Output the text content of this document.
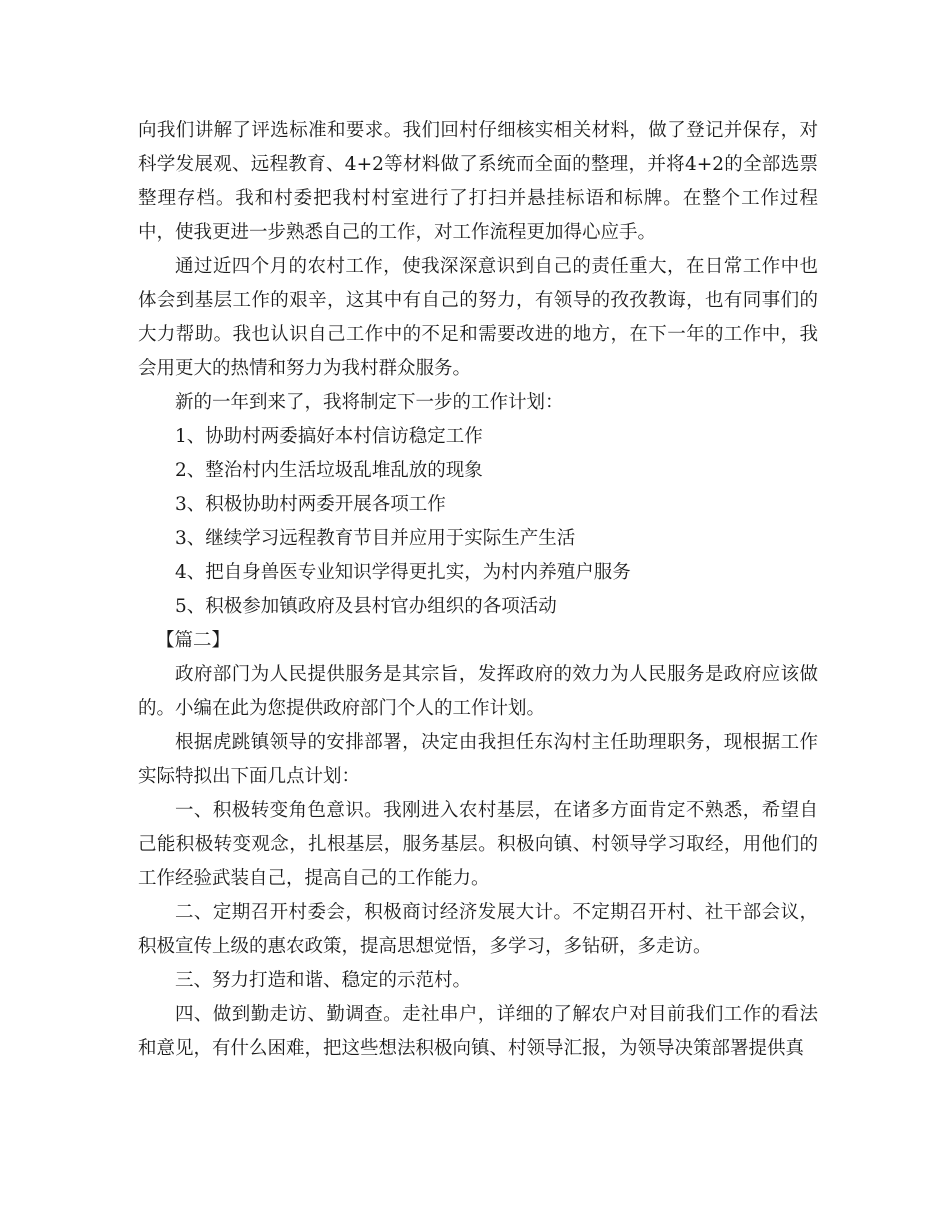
向我们讲解了评选标准和要求。我们回村仔细核实相关材料，做了登记并保存，对科学发展观、远程教育、4+2等材料做了系统而全面的整理，并将4+2的全部选票整理存档。我和村委把我村村室进行了打扫并悬挂标语和标牌。在整个工作过程中，使我更进一步熟悉自己的工作，对工作流程更加得心应手。

通过近四个月的农村工作，使我深深意识到自己的责任重大，在日常工作中也体会到基层工作的艰辛，这其中有自己的努力，有领导的孜孜教诲，也有同事们的大力帮助。我也认识自己工作中的不足和需要改进的地方，在下一年的工作中，我会用更大的热情和努力为我村群众服务。

新的一年到来了，我将制定下一步的工作计划：

1、协助村两委搞好本村信访稳定工作

2、整治村内生活垃圾乱堆乱放的现象

3、积极协助村两委开展各项工作

3、继续学习远程教育节目并应用于实际生产生活

4、把自身兽医专业知识学得更扎实，为村内养殖户服务

5、积极参加镇政府及县村官办组织的各项活动

【篇二】

政府部门为人民提供服务是其宗旨，发挥政府的效力为人民服务是政府应该做的。小编在此为您提供政府部门个人的工作计划。

根据虎跳镇领导的安排部署，决定由我担任东沟村主任助理职务，现根据工作实际特拟出下面几点计划：

一、积极转变角色意识。我刚进入农村基层，在诸多方面肯定不熟悉，希望自己能积极转变观念，扎根基层，服务基层。积极向镇、村领导学习取经，用他们的工作经验武装自己，提高自己的工作能力。

二、定期召开村委会，积极商讨经济发展大计。不定期召开村、社干部会议，积极宣传上级的惠农政策，提高思想觉悟，多学习，多钻研，多走访。

三、努力打造和谐、稳定的示范村。

四、做到勤走访、勤调查。走社串户，详细的了解农户对目前我们工作的看法和意见，有什么困难，把这些想法积极向镇、村领导汇报，为领导决策部署提供真
